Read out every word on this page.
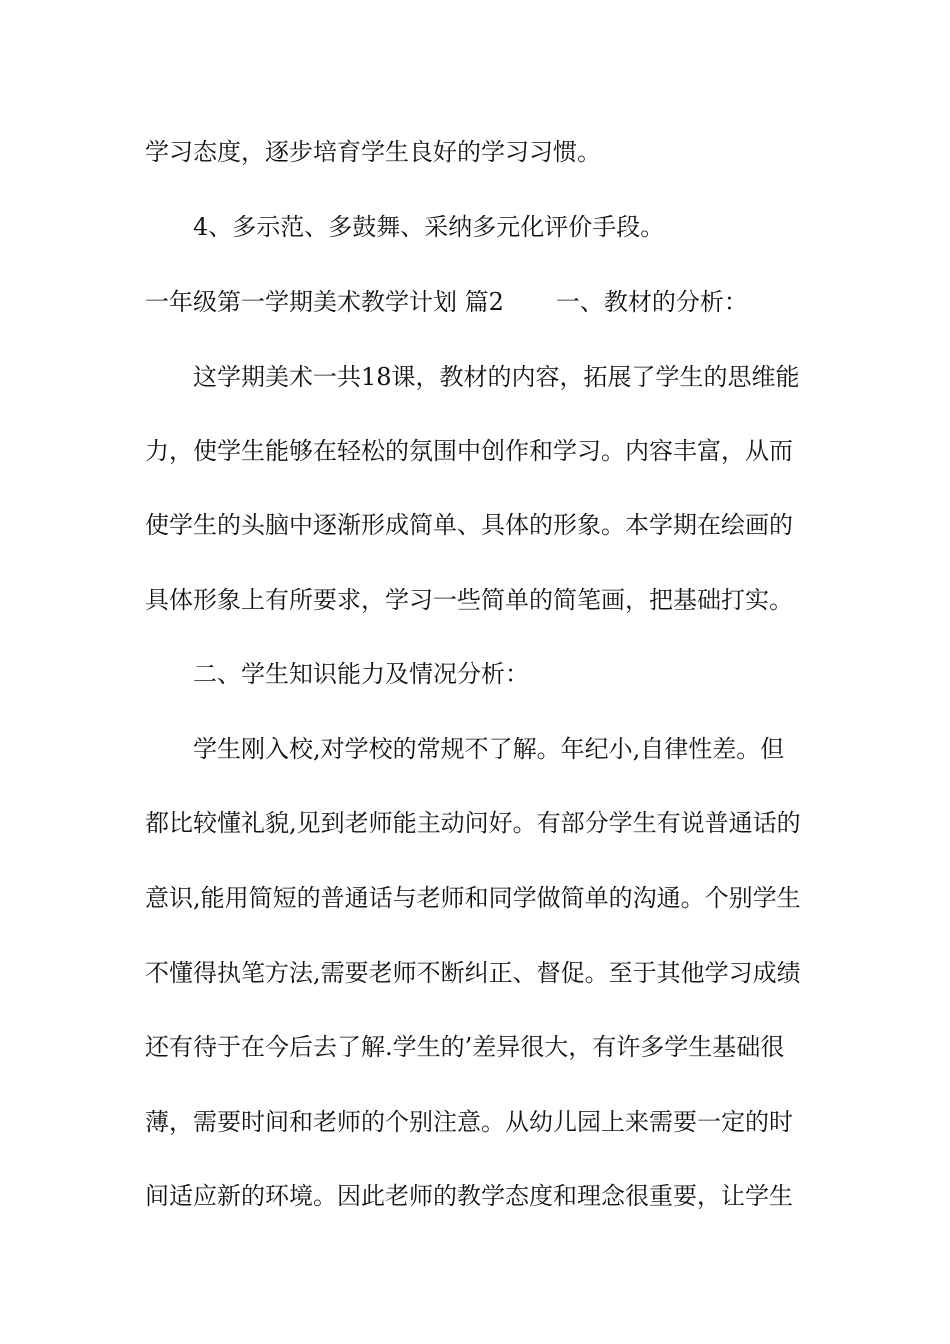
学习态度，逐步培育学生良好的学习习惯。
4、多示范、多鼓舞、采纳多元化评价手段。
一年级第一学期美术教学计划 篇2 一、教材的分析：
这学期美术一共18课，教材的内容，拓展了学生的思维能
力，使学生能够在轻松的氛围中创作和学习。内容丰富，从而
使学生的头脑中逐渐形成简单、具体的形象。本学期在绘画的
具体形象上有所要求，学习一些简单的简笔画，把基础打实。
二、学生知识能力及情况分析：
学生刚入校,对学校的常规不了解。年纪小,自律性差。但
都比较懂礼貌,见到老师能主动问好。有部分学生有说普通话的
意识,能用简短的普通话与老师和同学做简单的沟通。个别学生
不懂得执笔方法,需要老师不断纠正、督促。至于其他学习成绩
还有待于在今后去了解.学生的’差异很大，有许多学生基础很
薄，需要时间和老师的个别注意。从幼儿园上来需要一定的时
间适应新的环境。因此老师的教学态度和理念很重要，让学生
